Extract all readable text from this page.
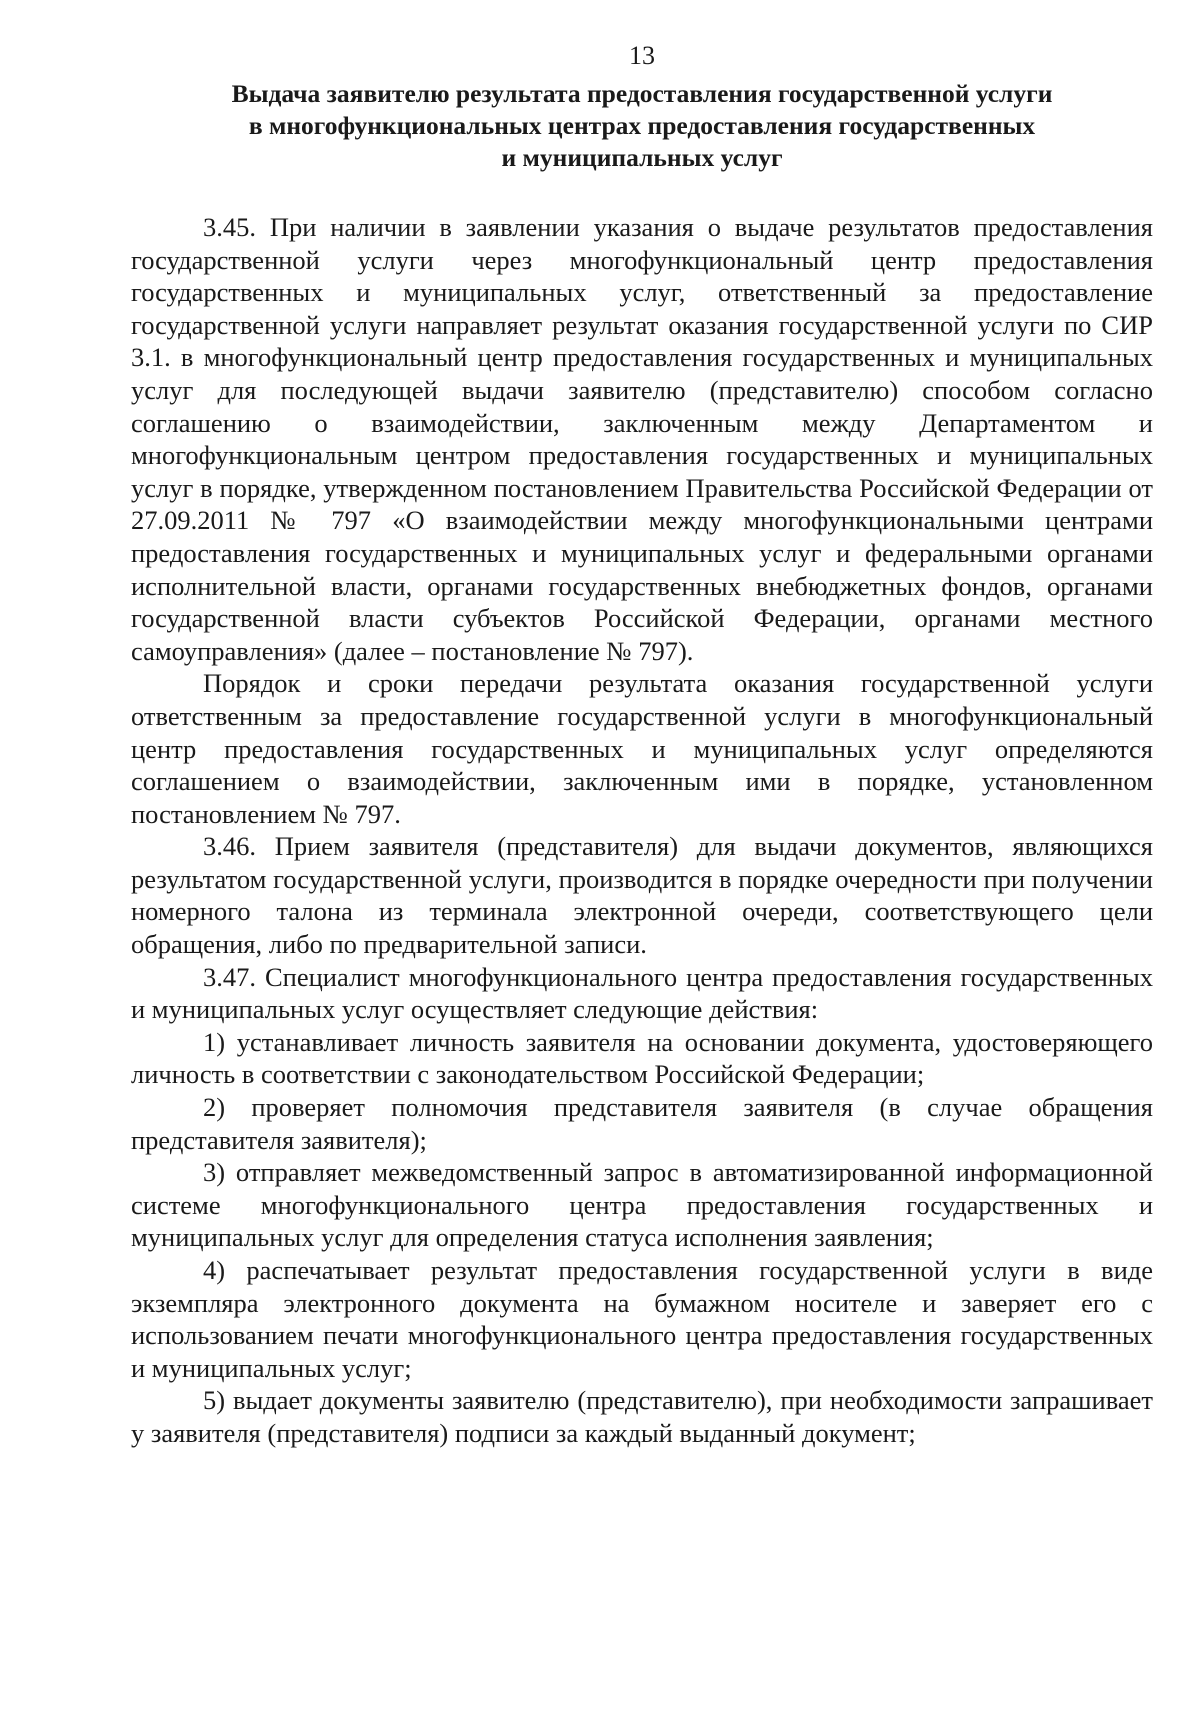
13
Выдача заявителю результата предоставления государственной услуги
в многофункциональных центрах предоставления государственных
и муниципальных услуг

3.45. При наличии в заявлении указания о выдаче результатов предоставления государственной услуги через многофункциональный центр предоставления государственных и муниципальных услуг, ответственный за предоставление государственной услуги направляет результат оказания государственной услуги по СИР 3.1. в многофункциональный центр предоставления государственных и муниципальных услуг для последующей выдачи заявителю (представителю) способом согласно соглашению о взаимодействии, заключенным между Департаментом и многофункциональным центром предоставления государственных и муниципальных услуг в порядке, утвержденном постановлением Правительства Российской Федерации от 27.09.2011 № 797 «О взаимодействии между многофункциональными центрами предоставления государственных и муниципальных услуг и федеральными органами исполнительной власти, органами государственных внебюджетных фондов, органами государственной власти субъектов Российской Федерации, органами местного самоуправления» (далее – постановление № 797).

Порядок и сроки передачи результата оказания государственной услуги ответственным за предоставление государственной услуги в многофункциональный центр предоставления государственных и муниципальных услуг определяются соглашением о взаимодействии, заключенным ими в порядке, установленном постановлением № 797.

3.46. Прием заявителя (представителя) для выдачи документов, являющихся результатом государственной услуги, производится в порядке очередности при получении номерного талона из терминала электронной очереди, соответствующего цели обращения, либо по предварительной записи.

3.47. Специалист многофункционального центра предоставления государственных и муниципальных услуг осуществляет следующие действия:

1) устанавливает личность заявителя на основании документа, удостоверяющего личность в соответствии с законодательством Российской Федерации;

2) проверяет полномочия представителя заявителя (в случае обращения представителя заявителя);

3) отправляет межведомственный запрос в автоматизированной информационной системе многофункционального центра предоставления государственных и муниципальных услуг для определения статуса исполнения заявления;

4) распечатывает результат предоставления государственной услуги в виде экземпляра электронного документа на бумажном носителе и заверяет его с использованием печати многофункционального центра предоставления государственных и муниципальных услуг;

5) выдает документы заявителю (представителю), при необходимости запрашивает у заявителя (представителя) подписи за каждый выданный документ;
